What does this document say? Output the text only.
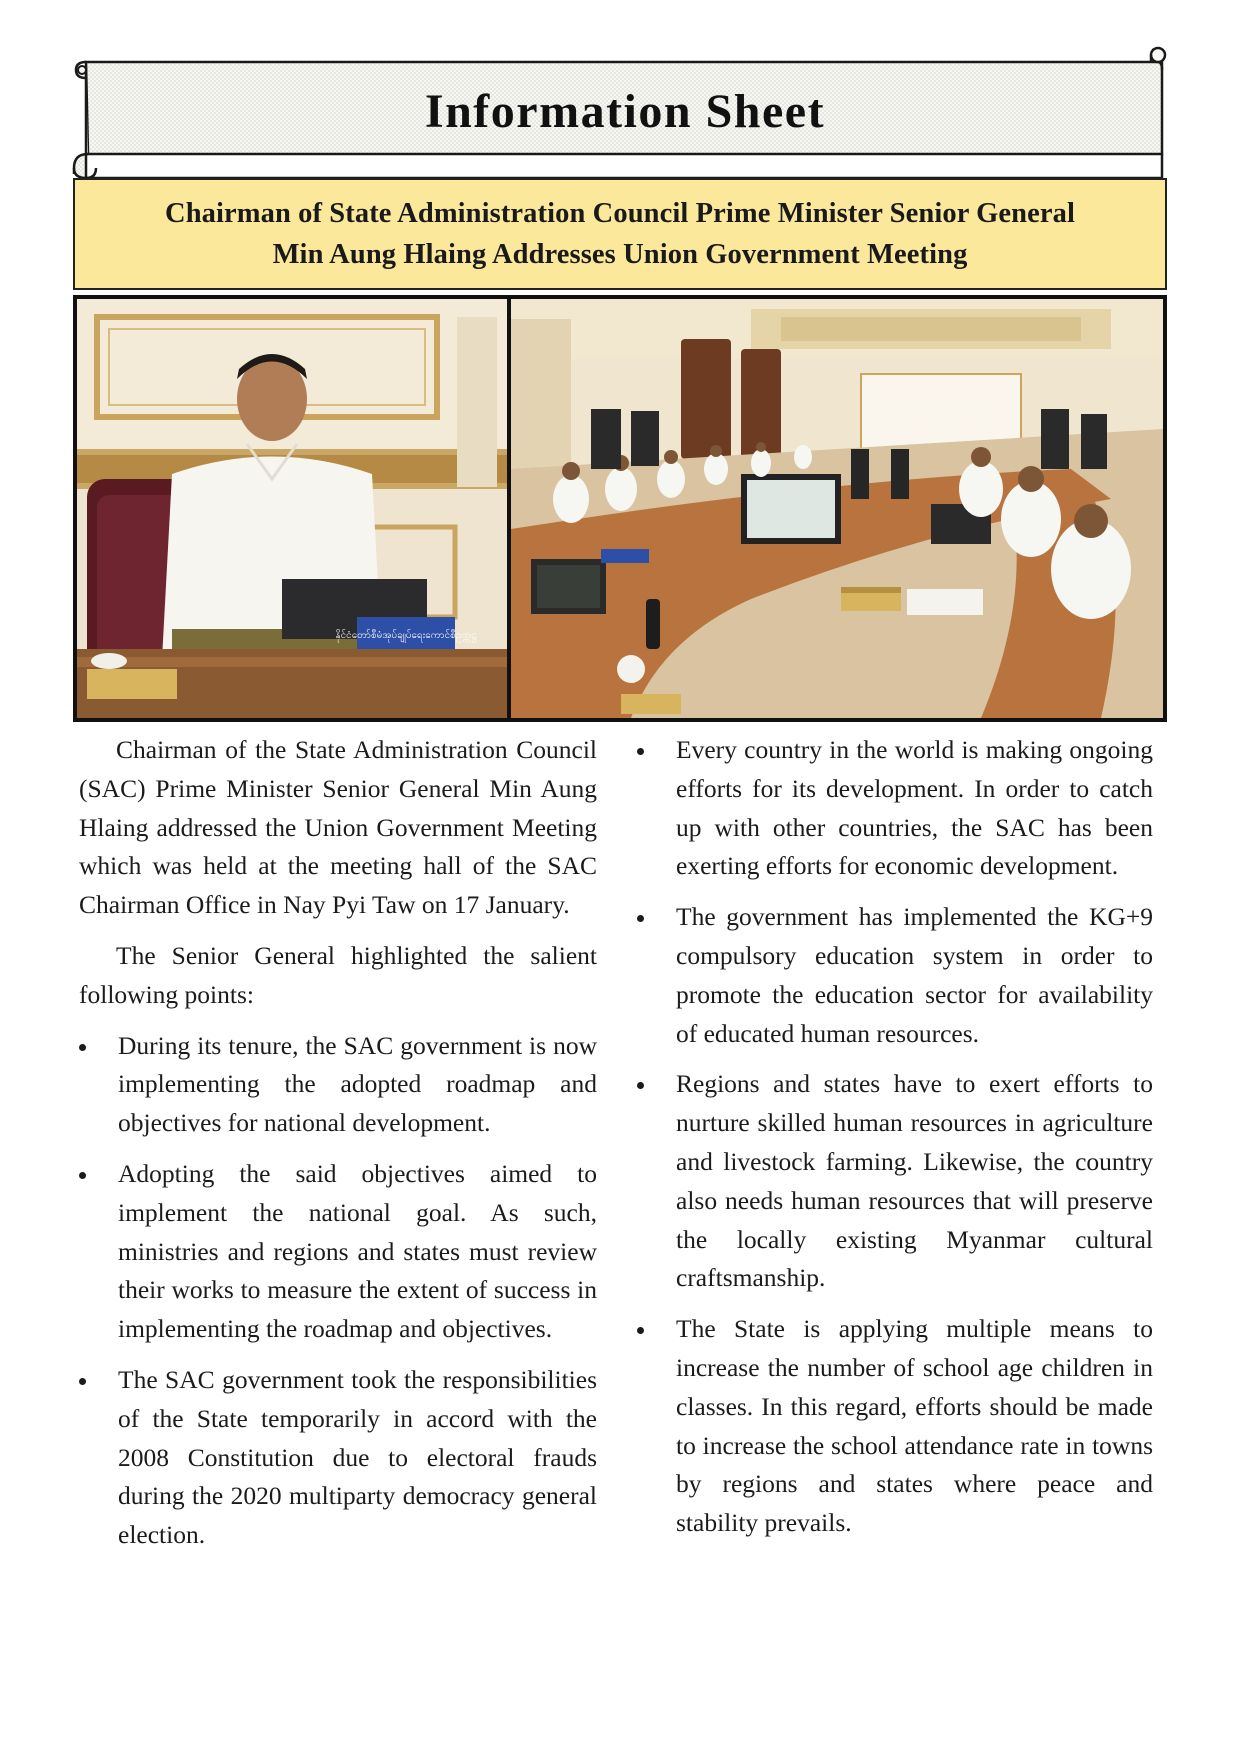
Information Sheet
Chairman of State Administration Council Prime Minister Senior General
Min Aung Hlaing Addresses Union Government Meeting
နိုင်ငံတော်စီမံအုပ်ချုပ်ရေးကောင်စီဥက္ကဋ္ဌ

Chairman of the State Administration Council (SAC) Prime Minister Senior General Min Aung Hlaing addressed the Union Government Meeting which was held at the meeting hall of the SAC Chairman Office in Nay Pyi Taw on 17 January.

The Senior General highlighted the salient following points:

During its tenure, the SAC government is now implementing the adopted roadmap and objectives for national development.
Adopting the said objectives aimed to implement the national goal. As such, ministries and regions and states must review their works to measure the extent of success in implementing the roadmap and objectives.
The SAC government took the responsibilities of the State temporarily in accord with the 2008 Constitution due to electoral frauds during the 2020 multiparty democracy general election.
Every country in the world is making ongoing efforts for its development. In order to catch up with other countries, the SAC has been exerting efforts for economic development.
The government has implemented the KG+9 compulsory education system in order to promote the education sector for availability of educated human resources.
Regions and states have to exert efforts to nurture skilled human resources in agriculture and livestock farming. Likewise, the country also needs human resources that will preserve the locally existing Myanmar cultural craftsmanship.
The State is applying multiple means to increase the number of school age children in classes. In this regard, efforts should be made to increase the school attendance rate in towns by regions and states where peace and stability prevails.
